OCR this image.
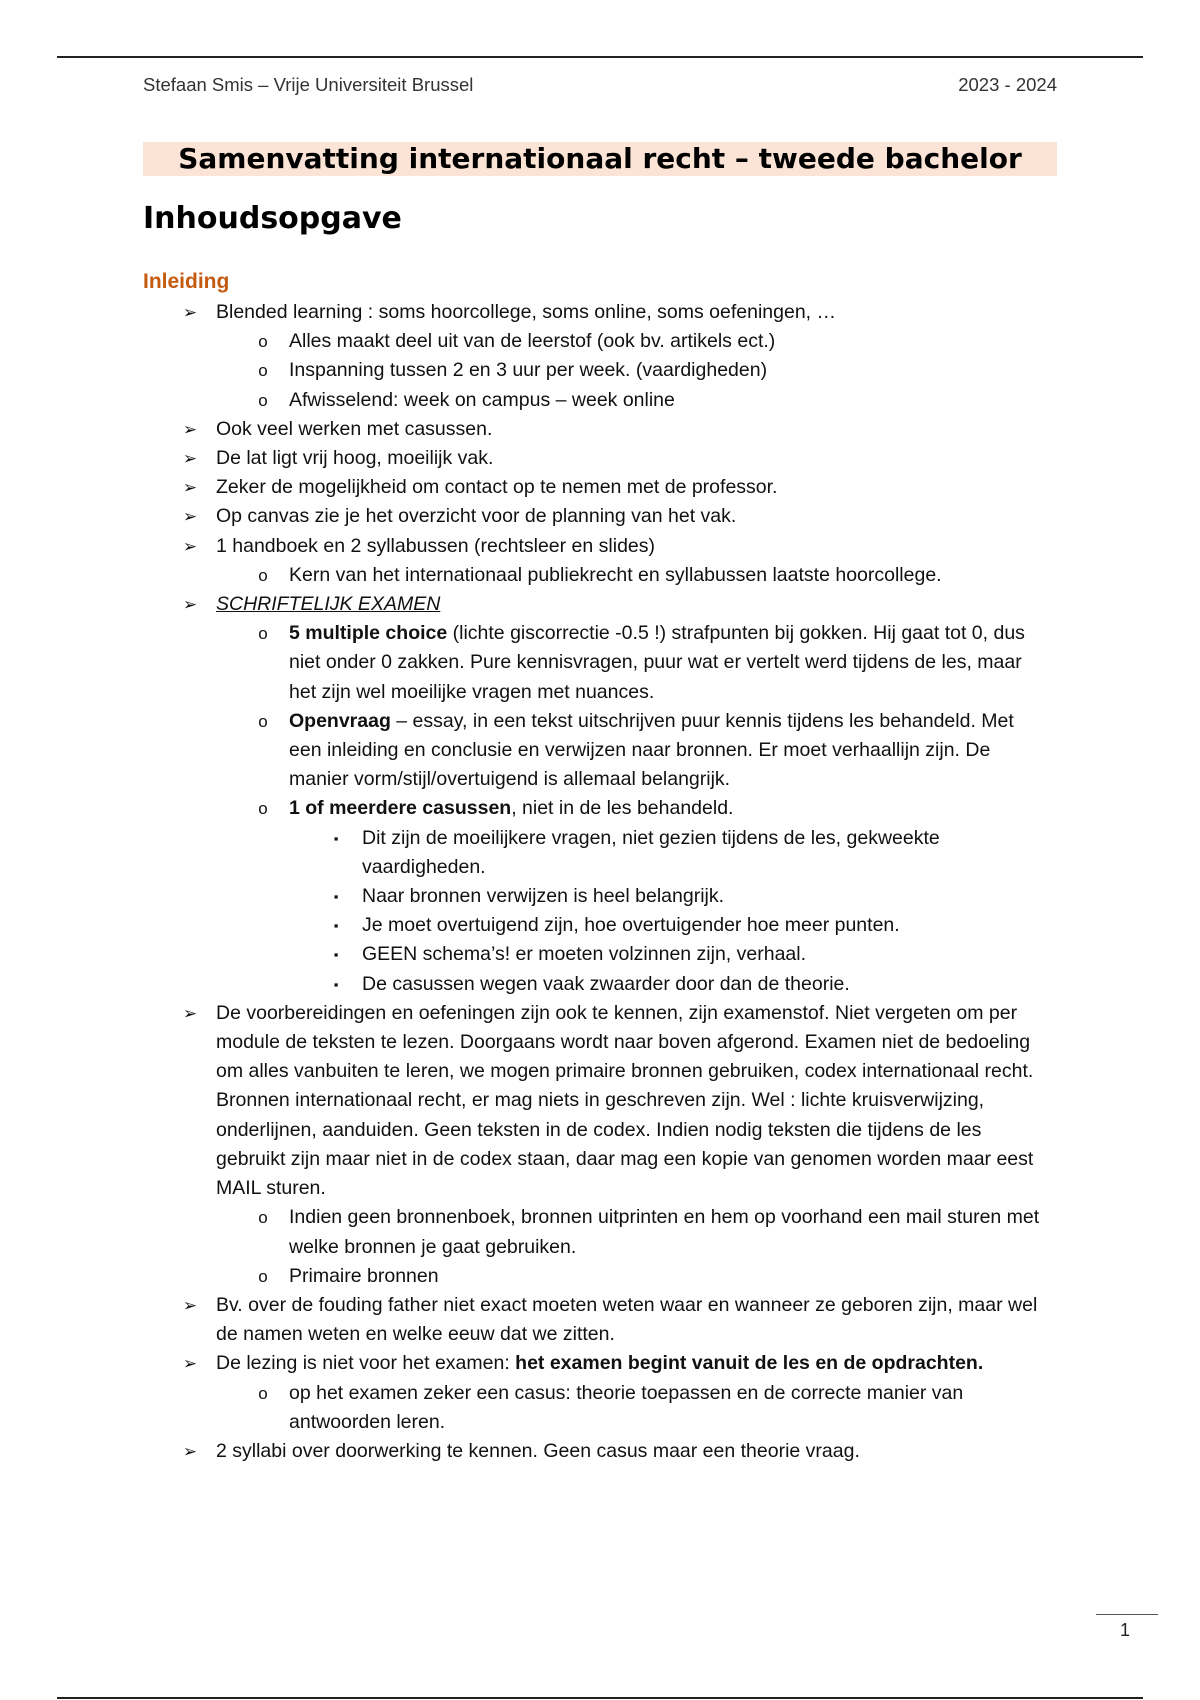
Stefaan Smis – Vrije Universiteit Brussel	2023 - 2024
Samenvatting internationaal recht – tweede bachelor
Inhoudsopgave
Inleiding
➢ Blended learning : soms hoorcollege, soms online, soms oefeningen, …
o	Alles maakt deel uit van de leerstof (ook bv. artikels ect.)
o	Inspanning tussen 2 en 3 uur per week. (vaardigheden)
o	Afwisselend: week on campus – week online
➢ Ook veel werken met casussen.
➢ De lat ligt vrij hoog, moeilijk vak.
➢ Zeker de mogelijkheid om contact op te nemen met de professor.
➢ Op canvas zie je het overzicht voor de planning van het vak.
➢ 1 handboek en 2 syllabussen (rechtsleer en slides)
o	Kern van het internationaal publiekrecht en syllabussen laatste hoorcollege.
➢ SCHRIFTELIJK EXAMEN
o	5 multiple choice (lichte giscorrectie -0.5 !) strafpunten bij gokken. Hij gaat tot 0, dus niet onder 0 zakken. Pure kennisvragen, puur wat er vertelt werd tijdens de les, maar het zijn wel moeilijke vragen met nuances.
o	Openvraag – essay, in een tekst uitschrijven puur kennis tijdens les behandeld. Met een inleiding en conclusie en verwijzen naar bronnen. Er moet verhaallijn zijn. De manier vorm/stijl/overtuigend is allemaal belangrijk.
o	1 of meerdere casussen, niet in de les behandeld.
▪	Dit zijn de moeilijkere vragen, niet gezien tijdens de les, gekweekte vaardigheden.
▪	Naar bronnen verwijzen is heel belangrijk.
▪	Je moet overtuigend zijn, hoe overtuigender hoe meer punten.
▪	GEEN schema’s! er moeten volzinnen zijn, verhaal.
▪	De casussen wegen vaak zwaarder door dan de theorie.
➢ De voorbereidingen en oefeningen zijn ook te kennen, zijn examenstof. Niet vergeten om per module de teksten te lezen. Doorgaans wordt naar boven afgerond. Examen niet de bedoeling om alles vanbuiten te leren, we mogen primaire bronnen gebruiken, codex internationaal recht. Bronnen internationaal recht, er mag niets in geschreven zijn. Wel : lichte kruisverwijzing, onderlijnen, aanduiden. Geen teksten in de codex. Indien nodig teksten die tijdens de les gebruikt zijn maar niet in de codex staan, daar mag een kopie van genomen worden maar eest MAIL sturen.
o	Indien geen bronnenboek, bronnen uitprinten en hem op voorhand een mail sturen met welke bronnen je gaat gebruiken.
o	Primaire bronnen
➢ Bv. over de fouding father niet exact moeten weten waar en wanneer ze geboren zijn, maar wel de namen weten en welke eeuw dat we zitten.
➢ De lezing is niet voor het examen: het examen begint vanuit de les en de opdrachten.
o	op het examen zeker een casus: theorie toepassen en de correcte manier van antwoorden leren.
➢ 2 syllabi over doorwerking te kennen. Geen casus maar een theorie vraag.
1
